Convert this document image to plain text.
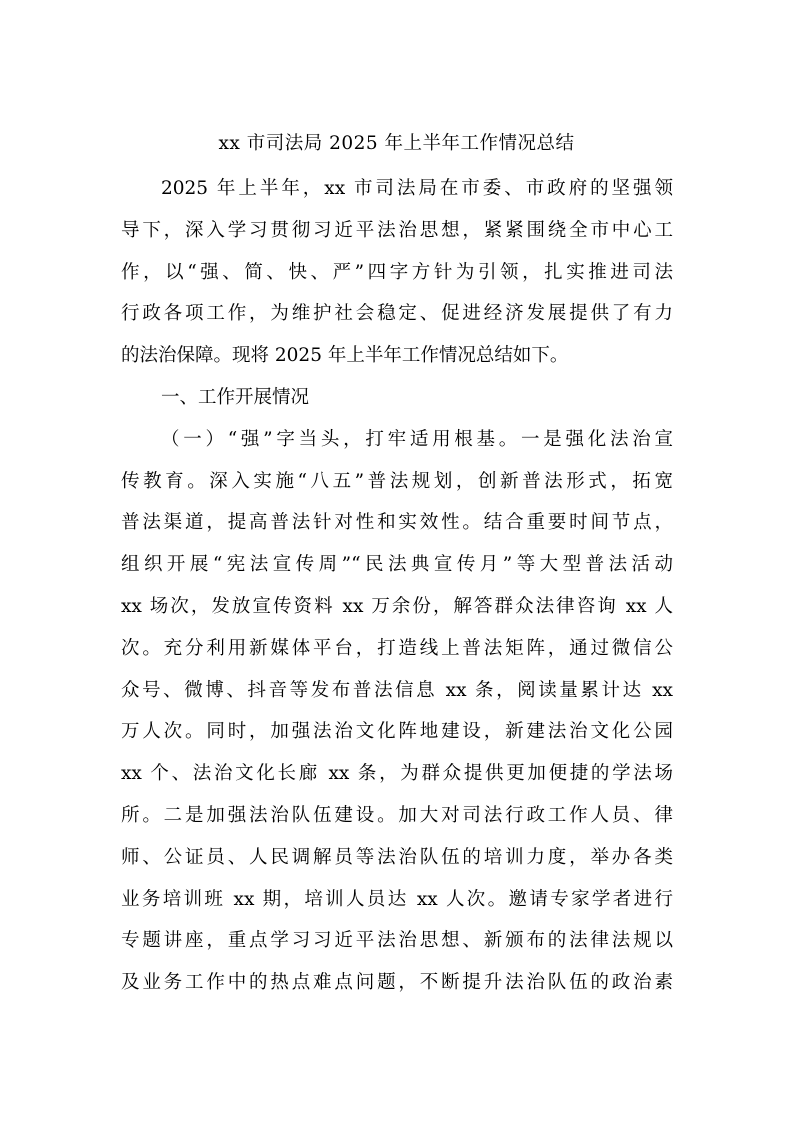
xx 市司法局 2025 年上半年工作情况总结
2025 年上半年，xx 市司法局在市委、市政府的坚强领
导下，深入学习贯彻习近平法治思想，紧紧围绕全市中心工
作，以“强、简、快、严”四字方针为引领，扎实推进司法
行政各项工作，为维护社会稳定、促进经济发展提供了有力
的法治保障。现将 2025 年上半年工作情况总结如下。
一、工作开展情况
（一）“强”字当头，打牢适用根基。一是强化法治宣
传教育。深入实施“八五”普法规划，创新普法形式，拓宽
普法渠道，提高普法针对性和实效性。结合重要时间节点，
组织开展“宪法宣传周”“民法典宣传月”等大型普法活动
xx 场次，发放宣传资料 xx 万余份，解答群众法律咨询 xx 人
次。充分利用新媒体平台，打造线上普法矩阵，通过微信公
众号、微博、抖音等发布普法信息 xx 条，阅读量累计达 xx
万人次。同时，加强法治文化阵地建设，新建法治文化公园
xx 个、法治文化长廊 xx 条，为群众提供更加便捷的学法场
所。二是加强法治队伍建设。加大对司法行政工作人员、律
师、公证员、人民调解员等法治队伍的培训力度，举办各类
业务培训班 xx 期，培训人员达 xx 人次。邀请专家学者进行
专题讲座，重点学习习近平法治思想、新颁布的法律法规以
及业务工作中的热点难点问题，不断提升法治队伍的政治素
